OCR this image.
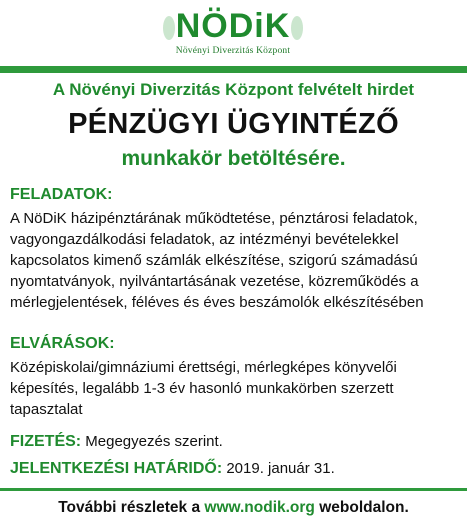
NÖDiK
Növényi Diverzitás Központ
A Növényi Diverzitás Központ felvételt hirdet
PÉNZÜGYI ÜGYINTÉZŐ
munkakör betöltésére.
FELADATOK:
A NöDiK házipénztárának működtetése, pénztárosi feladatok,
vagyongazdálkodási feladatok, az intézményi bevételekkel
kapcsolatos kimenő számlák elkészítése, szigorú számadású
nyomtatványok, nyilvántartásának vezetése, közreműködés a
mérlegjelentések, féléves és éves beszámolók elkészítésében
ELVÁRÁSOK:
Középiskolai/gimnáziumi érettségi, mérlegképes könyvelői
képesítés, legalább 1-3 év hasonló munkakörben szerzett
tapasztalat
FIZETÉS: Megegyezés szerint.
JELENTKEZÉSI HATÁRIDŐ: 2019. január 31.
További részletek a www.nodik.org weboldalon.
